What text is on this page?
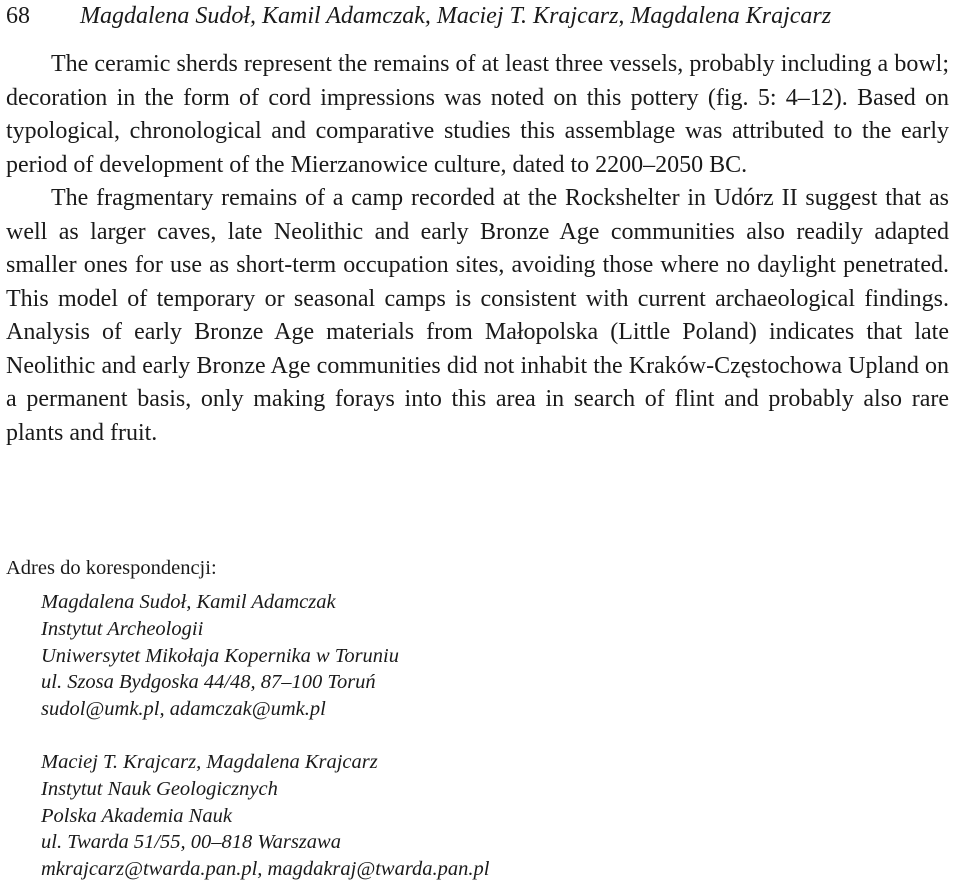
68 Magdalena Sudoł, Kamil Adamczak, Maciej T. Krajcarz, Magdalena Krajcarz

The ceramic sherds represent the remains of at least three vessels, probably including a bowl; decoration in the form of cord impressions was noted on this pottery (fig. 5: 4–12). Based on typological, chronological and comparative studies this assemblage was attributed to the early period of development of the Mierzanowice culture, dated to 2200–2050 BC.

The fragmentary remains of a camp recorded at the Rockshelter in Udórz II suggest that as well as larger caves, late Neolithic and early Bronze Age communities also readily adapted smaller ones for use as short-term occupation sites, avoiding those where no daylight penetrated. This model of temporary or seasonal camps is consistent with current archaeological findings. Analysis of early Bronze Age materials from Małopolska (Little Poland) indicates that late Neolithic and early Bronze Age communities did not inhabit the Kraków-Częstochowa Upland on a permanent basis, only making forays into this area in search of flint and probably also rare plants and fruit.

Adres do korespondencji:

Magdalena Sudoł, Kamil Adamczak
Instytut Archeologii
Uniwersytet Mikołaja Kopernika w Toruniu
ul. Szosa Bydgoska 44/48, 87–100 Toruń
sudol@umk.pl, adamczak@umk.pl
Maciej T. Krajcarz, Magdalena Krajcarz
Instytut Nauk Geologicznych
Polska Akademia Nauk
ul. Twarda 51/55, 00–818 Warszawa
mkrajcarz@twarda.pan.pl, magdakraj@twarda.pan.pl
